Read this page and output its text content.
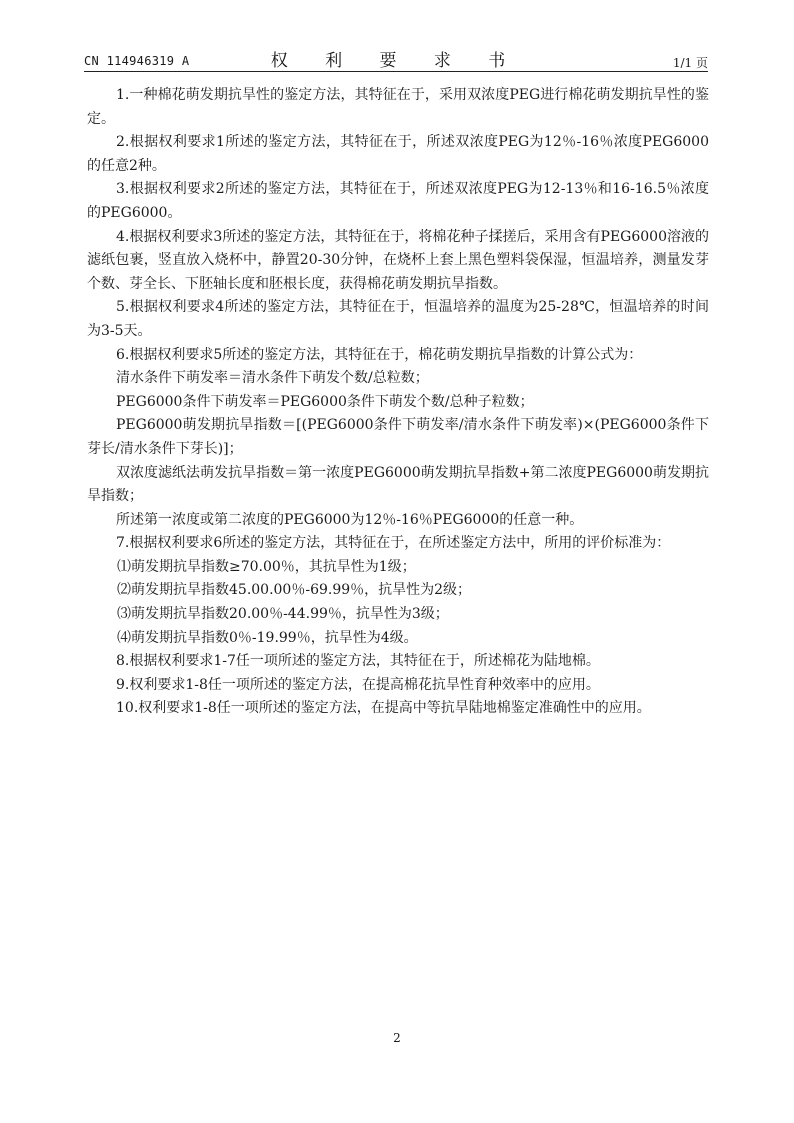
CN 114946319 A	权 利 要 求 书	1/1 页

1.一种棉花萌发期抗旱性的鉴定方法，其特征在于，采用双浓度PEG进行棉花萌发期抗旱性的鉴定。

2.根据权利要求1所述的鉴定方法，其特征在于，所述双浓度PEG为12％-16％浓度PEG6000的任意2种。

3.根据权利要求2所述的鉴定方法，其特征在于，所述双浓度PEG为12-13％和16-16.5％浓度的PEG6000。

4.根据权利要求3所述的鉴定方法，其特征在于，将棉花种子揉搓后，采用含有PEG6000溶液的滤纸包裹，竖直放入烧杯中，静置20-30分钟，在烧杯上套上黑色塑料袋保湿，恒温培养，测量发芽个数、芽全长、下胚轴长度和胚根长度，获得棉花萌发期抗旱指数。

5.根据权利要求4所述的鉴定方法，其特征在于，恒温培养的温度为25-28℃，恒温培养的时间为3-5天。

6.根据权利要求5所述的鉴定方法，其特征在于，棉花萌发期抗旱指数的计算公式为：

清水条件下萌发率＝清水条件下萌发个数/总粒数；

PEG6000条件下萌发率＝PEG6000条件下萌发个数/总种子粒数；

PEG6000萌发期抗旱指数＝[(PEG6000条件下萌发率/清水条件下萌发率)×(PEG6000条件下芽长/清水条件下芽长)]；

双浓度滤纸法萌发抗旱指数＝第一浓度PEG6000萌发期抗旱指数+第二浓度PEG6000萌发期抗旱指数；

所述第一浓度或第二浓度的PEG6000为12％-16％PEG6000的任意一种。

7.根据权利要求6所述的鉴定方法，其特征在于，在所述鉴定方法中，所用的评价标准为：

⑴萌发期抗旱指数≥70.00％，其抗旱性为1级；

⑵萌发期抗旱指数45.00.00％-69.99％，抗旱性为2级；

⑶萌发期抗旱指数20.00％-44.99％，抗旱性为3级；

⑷萌发期抗旱指数0％-19.99％，抗旱性为4级。

8.根据权利要求1-7任一项所述的鉴定方法，其特征在于，所述棉花为陆地棉。

9.权利要求1-8任一项所述的鉴定方法，在提高棉花抗旱性育种效率中的应用。

10.权利要求1-8任一项所述的鉴定方法，在提高中等抗旱陆地棉鉴定准确性中的应用。

2
